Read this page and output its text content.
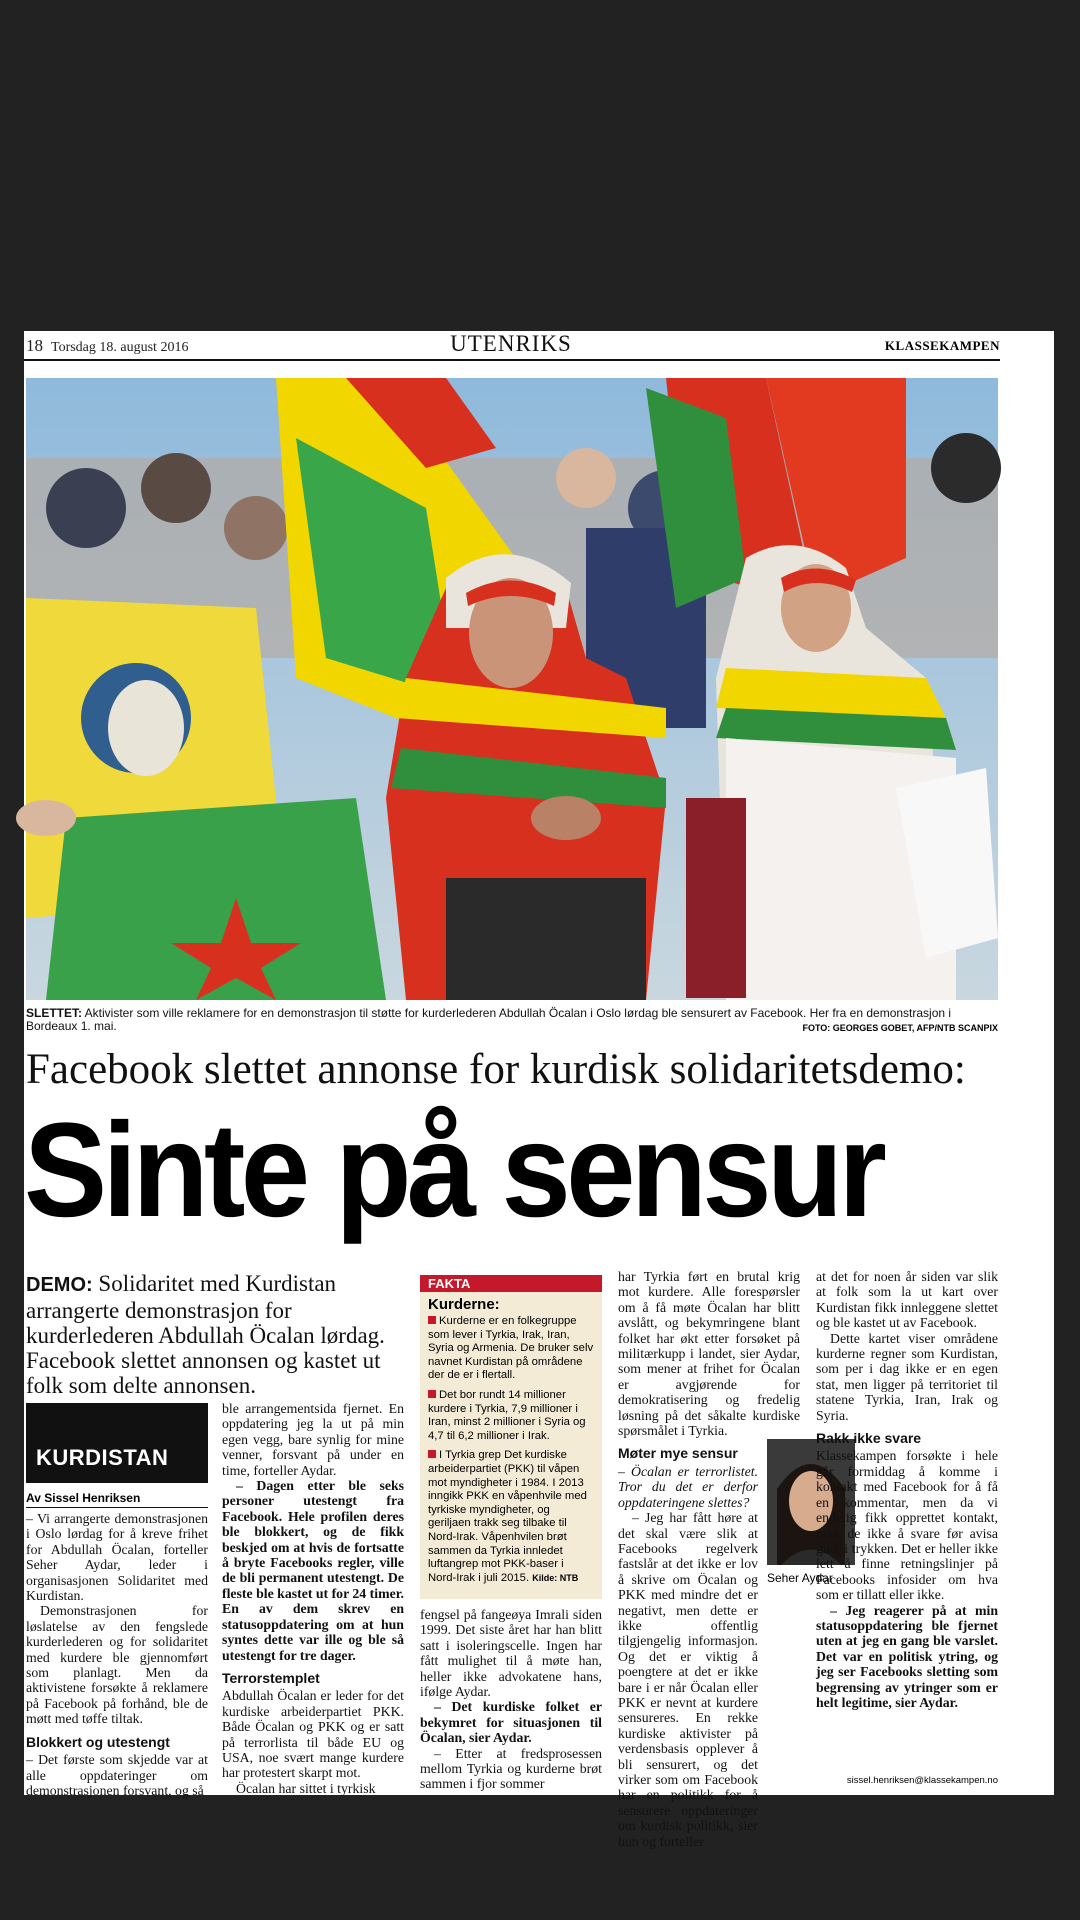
18 Torsdag 18. august 2016	UTENRIKS	KLASSEKAMPEN
SLETTET: Aktivister som ville reklamere for en demonstrasjon til støtte for kurderlederen Abdullah Öcalan i Oslo lørdag ble sensurert av Facebook. Her fra en demonstrasjon i Bordeaux 1. mai.	FOTO: GEORGES GOBET, AFP/NTB SCANPIX
Facebook slettet annonse for kurdisk solidaritetsdemo:
Sinte på sensur
DEMO: Solidaritet med Kurdistan arrangerte demonstrasjon for kurderlederen Abdullah Öcalan lørdag. Facebook slettet annonsen og kastet ut folk som delte annonsen.
KURDISTAN
Av Sissel Henriksen

– Vi arrangerte demonstrasjonen i Oslo lørdag for å kreve frihet for Abdullah Öcalan, forteller Seher Aydar, leder i organisasjonen Solidaritet med Kurdistan.

Demonstrasjonen for løslatelse av den fengslede kurderlederen og for solidaritet med kurdere ble gjennomført som planlagt. Men da aktivistene forsøkte å reklamere på Facebook på forhånd, ble de møtt med tøffe tiltak.

Blokkert og utestengt

– Det første som skjedde var at alle oppdateringer om demonstrasjonen forsvant, og så

ble arrangementsida fjernet. En oppdatering jeg la ut på min egen vegg, bare synlig for mine venner, forsvant på under en time, forteller Aydar.

– Dagen etter ble seks personer utestengt fra Facebook. Hele profilen deres ble blokkert, og de fikk beskjed om at hvis de fortsatte å bryte Facebooks regler, ville de bli permanent utestengt. De fleste ble kastet ut for 24 timer. En av dem skrev en statusoppdatering om at hun syntes dette var ille og ble så utestengt for tre dager.

Terrorstemplet

Abdullah Öcalan er leder for det kurdiske arbeiderpartiet PKK. Både Öcalan og PKK og er satt på terrorlista til både EU og USA, noe svært mange kurdere har protestert skarpt mot.

Öcalan har sittet i tyrkisk

FAKTA
Kurderne:

Kurderne er en folkegruppe som lever i Tyrkia, Irak, Iran, Syria og Armenia. De bruker selv navnet Kurdistan på områdene der de er i flertall.

Det bor rundt 14 millioner kurdere i Tyrkia, 7,9 millioner i Iran, minst 2 millioner i Syria og 4,7 til 6,2 millioner i Irak.

I Tyrkia grep Det kurdiske arbeiderpartiet (PKK) til våpen mot myndigheter i 1984. I 2013 inngikk PKK en våpenhvile med tyrkiske myndigheter, og geriljaen trakk seg tilbake til Nord-Irak. Våpenhvilen brøt sammen da Tyrkia innledet luftangrep mot PKK-baser i Nord-Irak i juli 2015. Kilde: NTB

fengsel på fangeøya Imrali siden 1999. Det siste året har han blitt satt i isoleringscelle. Ingen har fått mulighet til å møte han, heller ikke advokatene hans, ifølge Aydar.

– Det kurdiske folket er bekymret for situasjonen til Öcalan, sier Aydar.

– Etter at fredsprosessen mellom Tyrkia og kurderne brøt sammen i fjor sommer

har Tyrkia ført en brutal krig mot kurdere. Alle forespørsler om å få møte Öcalan har blitt avslått, og bekymringene blant folket har økt etter forsøket på militærkupp i landet, sier Aydar, som mener at frihet for Öcalan er avgjørende for demokratisering og fredelig løsning på det såkalte kurdiske spørsmålet i Tyrkia.

Møter mye sensur

– Öcalan er terrorlistet. Tror du det er derfor oppdateringene slettes?

– Jeg har fått høre at det skal være slik at Facebooks regelverk fastslår at det ikke er lov å skrive om Öcalan og PKK med mindre det er negativt, men dette er ikke offentlig tilgjengelig informasjon. Og det er viktig å poengtere at det er ikke bare i er når Öcalan eller PKK er nevnt at kurdere sensureres. En rekke kurdiske aktivister på verdensbasis opplever å bli sensurert, og det virker som om Facebook har en politikk for å sensurere oppdateringer om kurdisk politikk, sier hun og forteller

Seher Aydar

at det for noen år siden var slik at folk som la ut kart over Kurdistan fikk innleggene slettet og ble kastet ut av Facebook.

Dette kartet viser områdene kurderne regner som Kurdistan, som per i dag ikke er en egen stat, men ligger på territoriet til statene Tyrkia, Iran, Irak og Syria.

Rakk ikke svare

Klassekampen forsøkte i hele går formiddag å komme i kontakt med Facebook for å få en kommentar, men da vi endelig fikk opprettet kontakt, rakk de ikke å svare før avisa gikk i trykken. Det er heller ikke lett å finne retningslinjer på Facebooks infosider om hva som er tillatt eller ikke.

– Jeg reagerer på at min statusoppdatering ble fjernet uten at jeg en gang ble varslet. Det var en politisk ytring, og jeg ser Facebooks sletting som begrensing av ytringer som er helt legitime, sier Aydar.

sissel.henriksen@klassekampen.no
